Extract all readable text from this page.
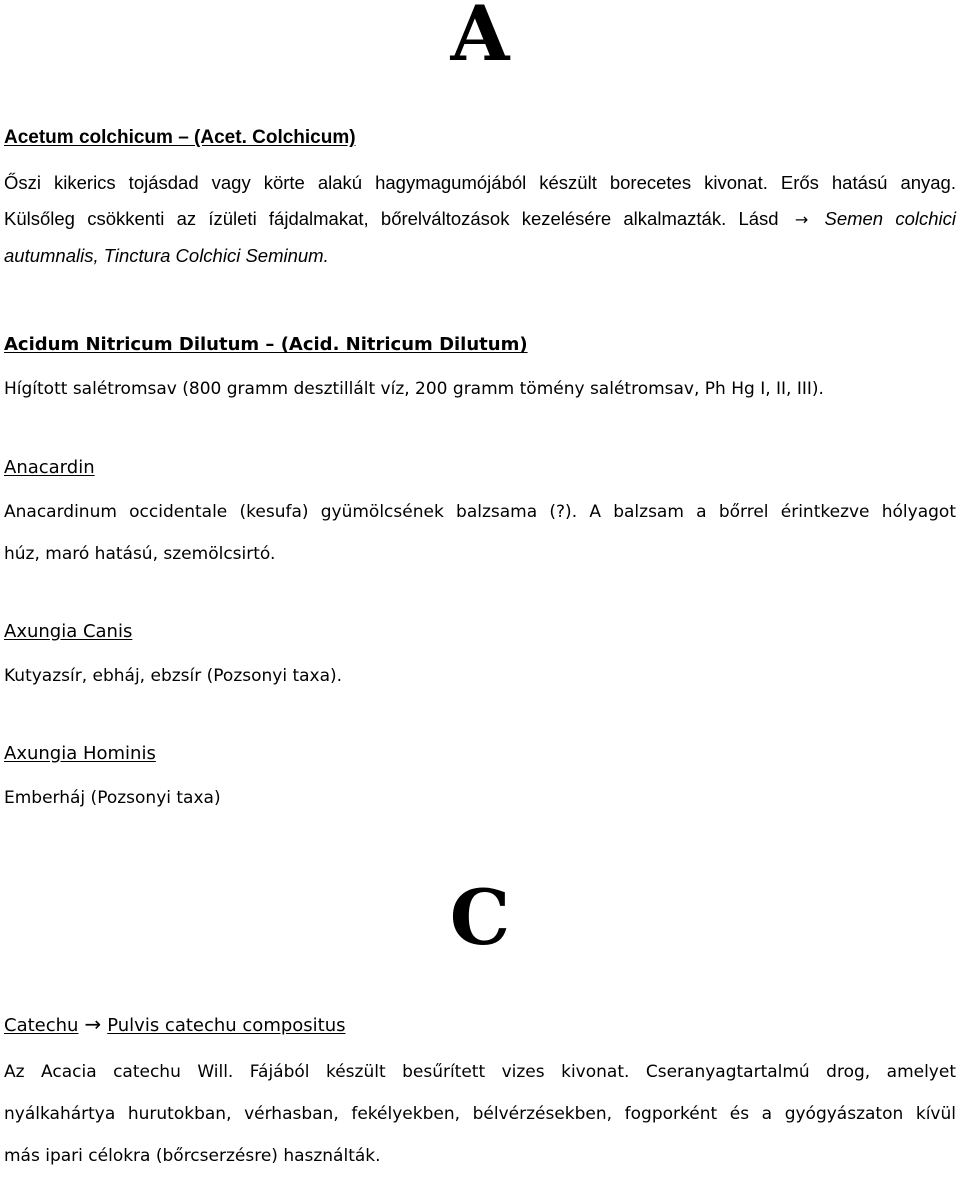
A

Acetum colchicum – (Acet. Colchicum)

Őszi kikerics tojásdad vagy körte alakú hagymagumójából készült borecetes kivonat. Erős hatású anyag.
Külsőleg csökkenti az ízületi fájdalmakat, bőrelváltozások kezelésére alkalmazták. Lásd → Semen colchici
autumnalis, Tinctura Colchici Seminum.

Acidum Nitricum Dilutum – (Acid. Nitricum Dilutum)

Hígított salétromsav (800 gramm desztillált víz, 200 gramm tömény salétromsav, Ph Hg I, II, III).

Anacardin

Anacardinum occidentale (kesufa) gyümölcsének balzsama (?). A balzsam a bőrrel érintkezve hólyagot
húz, maró hatású, szemölcsirtó.

Axungia Canis

Kutyazsír, ebháj, ebzsír (Pozsonyi taxa).

Axungia Hominis

Emberháj (Pozsonyi taxa)

C

Catechu → Pulvis catechu compositus

Az Acacia catechu Will. Fájából készült besűrített vizes kivonat. Cseranyagtartalmú drog, amelyet
nyálkahártya hurutokban, vérhasban, fekélyekben, bélvérzésekben, fogporként és a gyógyászaton kívül
más ipari célokra (bőrcserzésre) használták.
